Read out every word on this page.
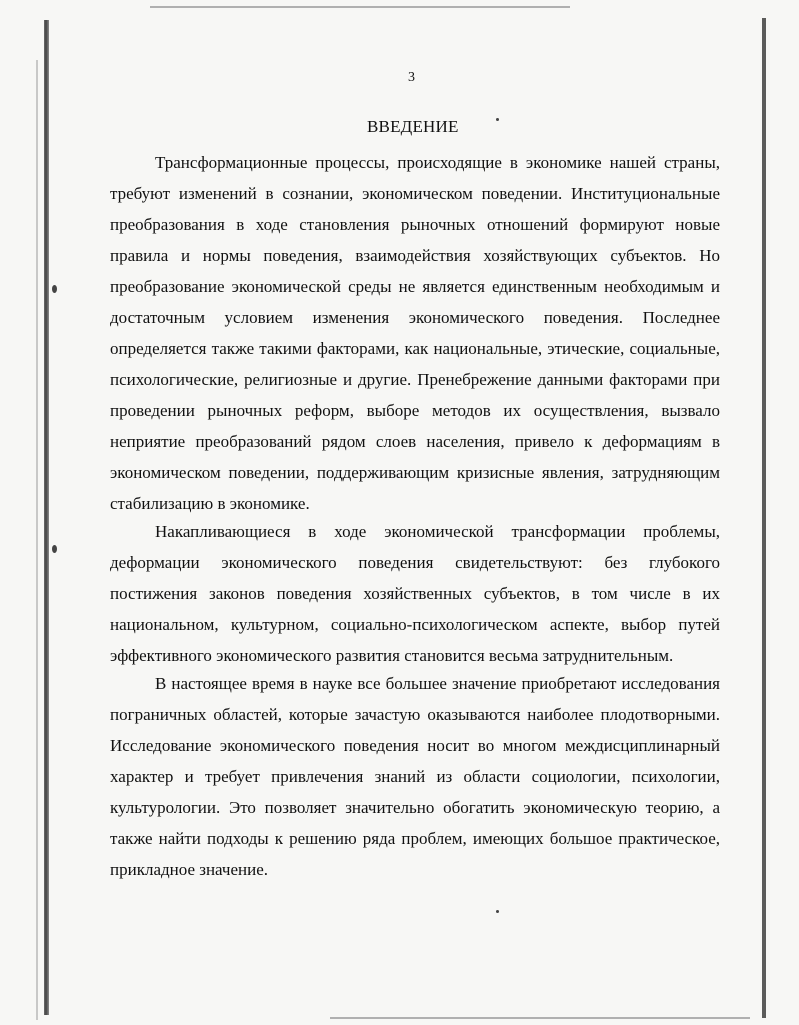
3
ВВЕДЕНИЕ

Трансформационные процессы, происходящие в экономике нашей страны, требуют изменений в сознании, экономическом поведении. Институциональные преобразования в ходе становления рыночных отношений формируют новые правила и нормы поведения, взаимодействия хозяйствующих субъектов. Но преобразование экономической среды не является единственным необходимым и достаточным условием изменения экономического поведения. Последнее определяется также такими факторами, как национальные, этические, социальные, психологические, религиозные и другие. Пренебрежение данными факторами при проведении рыночных реформ, выборе методов их осуществления, вызвало неприятие преобразований рядом слоев населения, привело к деформациям в экономическом поведении, поддерживающим кризисные явления, затрудняющим стабилизацию в экономике.

Накапливающиеся в ходе экономической трансформации проблемы, деформации экономического поведения свидетельствуют: без глубокого постижения законов поведения хозяйственных субъектов, в том числе в их национальном, культурном, социально-психологическом аспекте, выбор путей эффективного экономического развития становится весьма затруднительным.

В настоящее время в науке все большее значение приобретают исследования пограничных областей, которые зачастую оказываются наиболее плодотворными. Исследование экономического поведения носит во многом междисциплинарный характер и требует привлечения знаний из области социологии, психологии, культурологии. Это позволяет значительно обогатить экономическую теорию, а также найти подходы к решению ряда проблем, имеющих большое практическое, прикладное значение.
